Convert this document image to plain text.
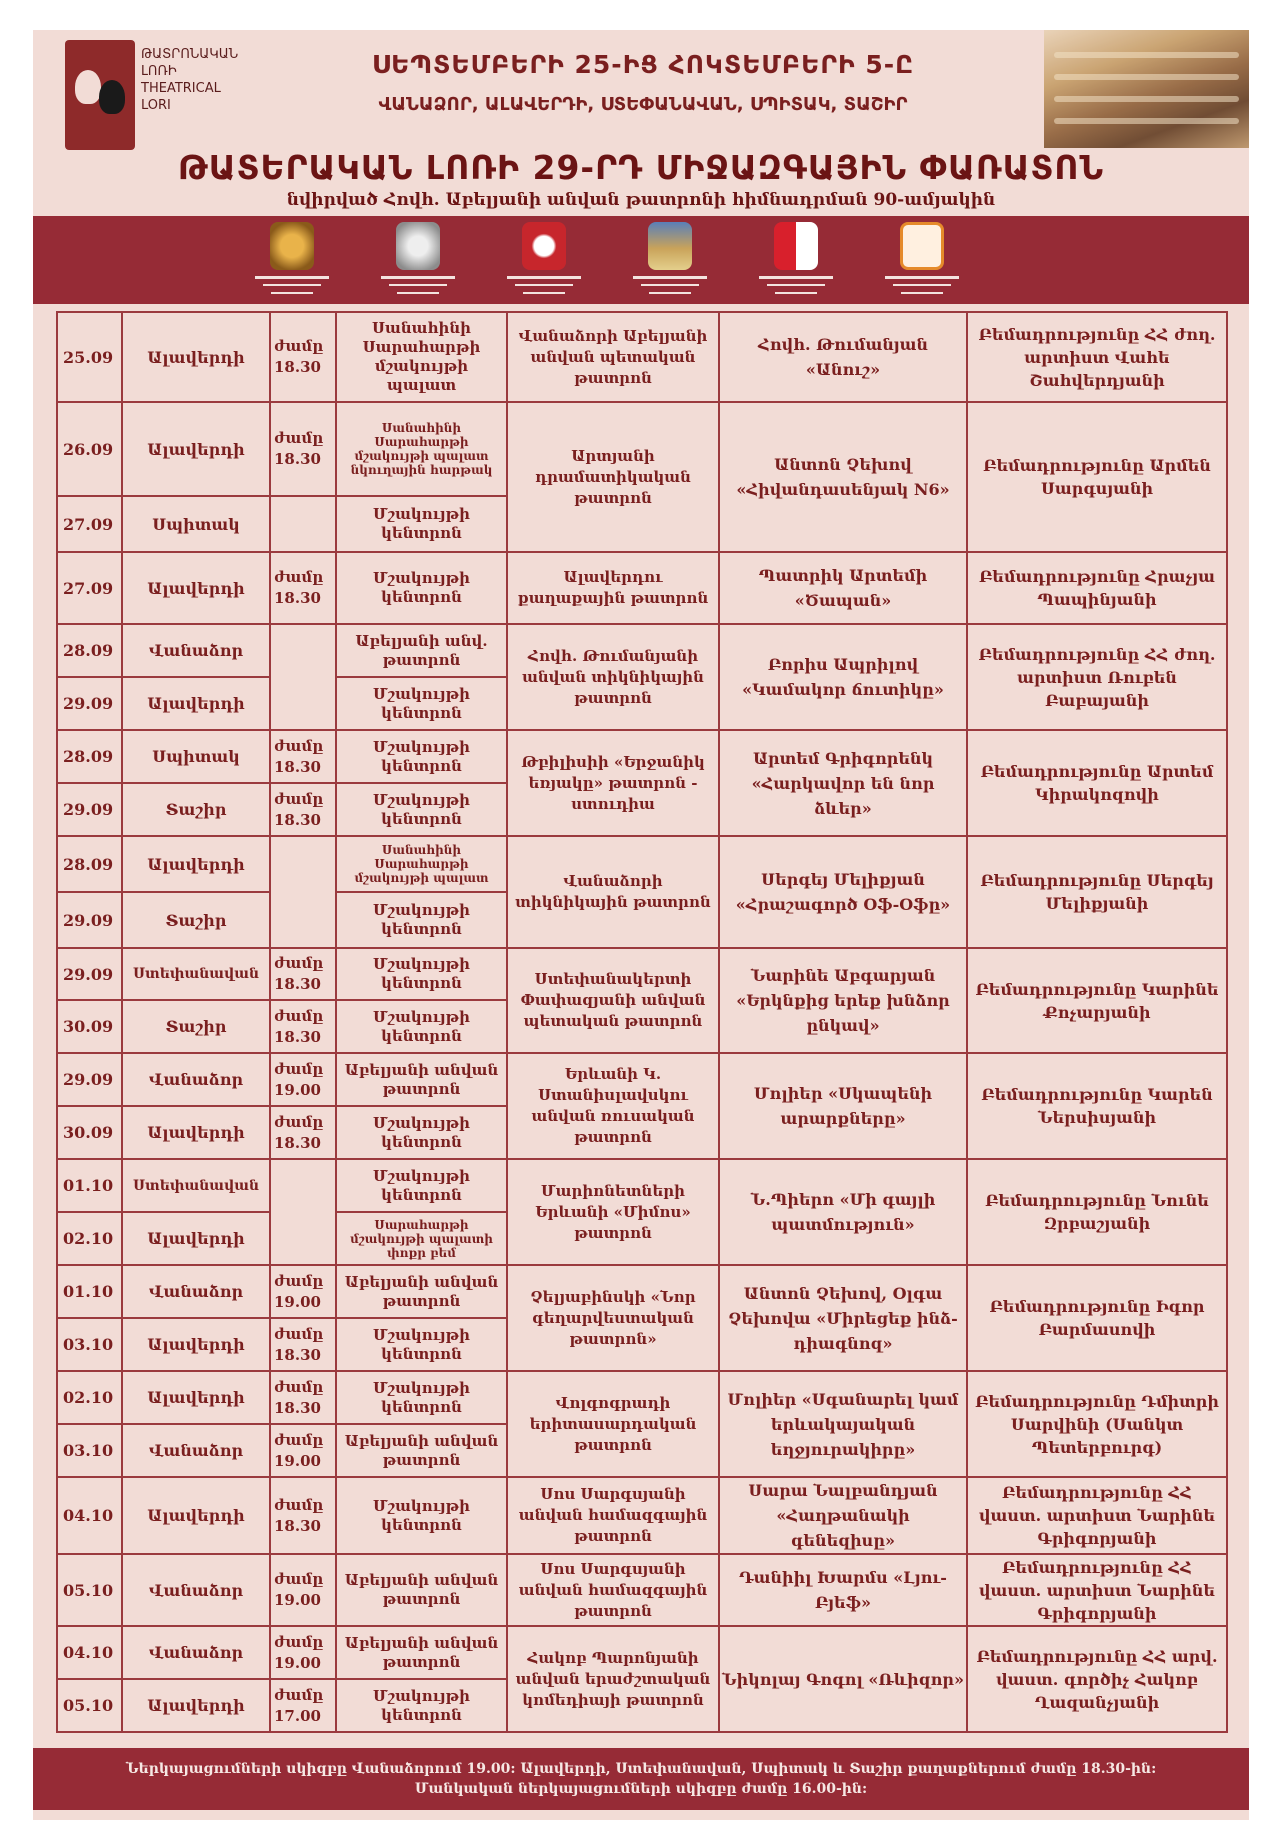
ԹԱՏՐՈՆԱԿԱՆ
ԼՈՌԻ
THEATRICAL
LORI
ՍԵՊՏԵՄԲԵՐԻ 25-ԻՑ ՀՈԿՏԵՄԲԵՐԻ 5-Ը
ՎԱՆԱՁՈՐ, ԱԼԱՎԵՐԴԻ, ՍՏԵՓԱՆԱՎԱՆ, ՍՊԻՏԱԿ, ՏԱՇԻՐ
ԹԱՏԵՐԱԿԱՆ ԼՈՌԻ 29-ՐԴ ՄԻՋԱԶԳԱՅԻՆ ՓԱՌԱՏՈՆ
նվիրված Հովհ. Աբելյանի անվան թատրոնի հիմնադրման 90-ամյակին
25.09	Ալավերդի	ժամը 18.30	Սանահինի Սարահարթի մշակույթի պալատ	Վանաձորի Աբելյանի անվան պետական թատրոն	Հովհ. Թումանյան «Անուշ»	Բեմադրությունը ՀՀ ժող. արտիստ Վահե Շահվերդյանի
26.09	Ալավերդի	ժամը 18.30	Սանահինի Սարահարթի մշակույթի պալատ նկուղային հարթակ	Արտյանի դրամատիկական թատրոն	Անտոն Չեխով «Հիվանդասենյակ N6»	Բեմադրությունը Արմեն Սարգսյանի
27.09	Սպիտակ		Մշակույթի կենտրոն			
27.09	Ալավերդի	ժամը 18.30	Մշակույթի կենտրոն	Ալավերդու քաղաքային թատրոն	Պատրիկ Արտեմի «Ծապան»	Բեմադրությունը Հրաչյա Պապինյանի
28.09	Վանաձոր		Աբելյանի անվ. թատրոն	Հովհ. Թումանյանի անվան տիկնիկային թատրոն	Բորիս Ապրիլով «Կամակոր ճուտիկը»	Բեմադրությունը ՀՀ ժող. արտիստ Ռուբեն Բաբայանի
29.09	Ալավերդի		Մշակույթի կենտրոն			
28.09	Սպիտակ	ժամը 18.30	Մշակույթի կենտրոն	Թբիլիսիի «Երջանիկ եռյակը» թատրոն - ստուդիա	Արտեմ Գրիգորենկ «Հարկավոր են նոր ձևեր»	Բեմադրությունը Արտեմ Կիրակոզովի
29.09	Տաշիր	ժամը 18.30	Մշակույթի կենտրոն			
28.09	Ալավերդի		Սանահինի Սարահարթի մշակույթի պալատ	Վանաձորի տիկնիկային թատրոն	Սերգեյ Մելիքյան «Հրաշագործ Օֆ-Օֆը»	Բեմադրությունը Սերգեյ Մելիքյանի
29.09	Տաշիր		Մշակույթի կենտրոն			
29.09	Ստեփանավան	ժամը 18.30	Մշակույթի կենտրոն	Ստեփանակերտի Փափազյանի անվան պետական թատրոն	Նարինե Աբգարյան «Երկնքից երեք խնձոր ընկավ»	Բեմադրությունը Կարինե Քոչարյանի
30.09	Տաշիր	ժամը 18.30	Մշակույթի կենտրոն			
29.09	Վանաձոր	ժամը 19.00	Աբելյանի անվան թատրոն	Երևանի Կ. Ստանիսլավսկու անվան ռուսական թատրոն	Մոլիեր «Սկապենի արարքները»	Բեմադրությունը Կարեն Ներսիսյանի
30.09	Ալավերդի	ժամը 18.30	Մշակույթի կենտրոն			
01.10	Ստեփանավան		Մշակույթի կենտրոն	Մարիոնետների Երևանի «Միմոս» թատրոն	Ն.Պիերո «Մի գայլի պատմություն»	Բեմադրությունը Նունե Զրբաշյանի
02.10	Ալավերդի		Սարահարթի մշակույթի պալատի փոքր բեմ			
01.10	Վանաձոր	ժամը 19.00	Աբելյանի անվան թատրոն	Չելյաբինսկի «Նոր գեղարվեստական թատրոն»	Անտոն Չեխով, Օլգա Չեխովա «Միրեցեք ինձ-դիագնոզ»	Բեմադրությունը Իգոր Բարմասովի
03.10	Ալավերդի	ժամը 18.30	Մշակույթի կենտրոն			
02.10	Ալավերդի	ժամը 18.30	Մշակույթի կենտրոն	Վոլգոգրադի երիտասարդական թատրոն	Մոլիեր «Սգանարել կամ երևակայական եղջյուրակիրը»	Բեմադրությունը Դմիտրի Սարվինի (Սանկտ Պետերբուրգ)
03.10	Վանաձոր	ժամը 19.00	Աբելյանի անվան թատրոն			
04.10	Ալավերդի	ժամը 18.30	Մշակույթի կենտրոն	Սոս Սարգսյանի անվան համազգային թատրոն	Սարա Նալբանդյան «Հաղթանակի գենեզիսը»	Բեմադրությունը ՀՀ վաստ. արտիստ Նարինե Գրիգորյանի
05.10	Վանաձոր	ժամը 19.00	Աբելյանի անվան թատրոն	Սոս Սարգսյանի անվան համազգային թատրոն	Դանիիլ Խարմս «Լյու-Բյեֆ»	Բեմադրությունը ՀՀ վաստ. արտիստ Նարինե Գրիգորյանի
04.10	Վանաձոր	ժամը 19.00	Աբելյանի անվան թատրոն	Հակոբ Պարոնյանի անվան երաժշտական կոմեդիայի թատրոն	Նիկոլայ Գոգոլ «Ռևիզոր»	Բեմադրությունը ՀՀ արվ. վաստ. գործիչ Հակոբ Ղազանչյանի
05.10	Ալավերդի	ժամը 17.00	Մշակույթի կենտրոն			
Ներկայացումների սկիզբը Վանաձորում 19.00: Ալավերդի, Ստեփանավան, Սպիտակ և Տաշիր քաղաքներում ժամը 18.30-ին:
Մանկական ներկայացումների սկիզբը ժամը 16.00-ին:
